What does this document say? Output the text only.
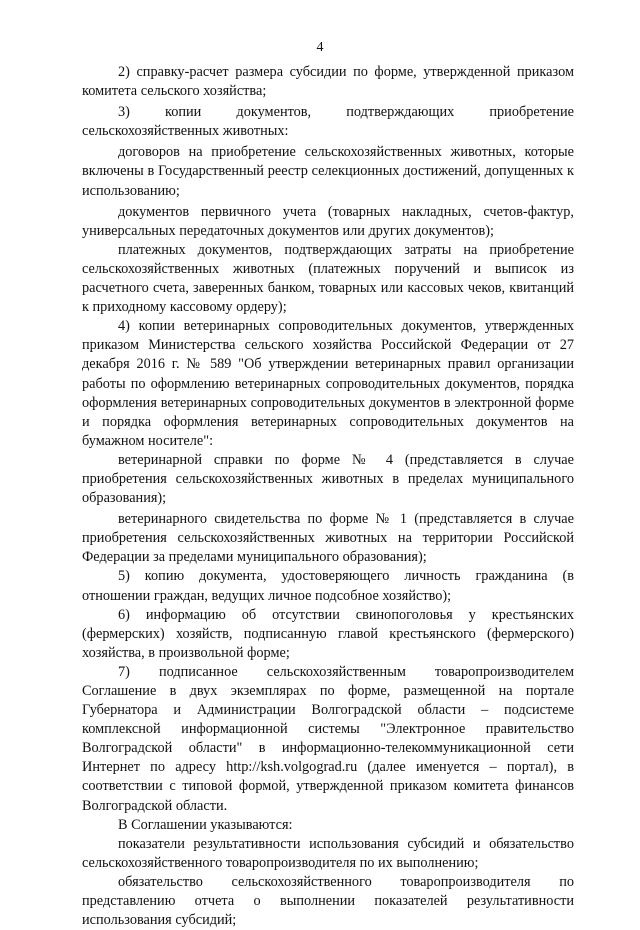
4

2) справку-расчет размера субсидии по форме, утвержденной приказом комитета сельского хозяйства;

3) копии документов, подтверждающих приобретение сельскохозяйственных животных:

договоров на приобретение сельскохозяйственных животных, которые включены в Государственный реестр селекционных достижений, допущенных к использованию;

документов первичного учета (товарных накладных, счетов-фактур, универсальных передаточных документов или других документов);

платежных документов, подтверждающих затраты на приобретение сельскохозяйственных животных (платежных поручений и выписок из расчетного счета, заверенных банком, товарных или кассовых чеков, квитанций к приходному кассовому ордеру);

4) копии ветеринарных сопроводительных документов, утвержденных приказом Министерства сельского хозяйства Российской Федерации от 27 декабря 2016 г. № 589 "Об утверждении ветеринарных правил организации работы по оформлению ветеринарных сопроводительных документов, порядка оформления ветеринарных сопроводительных документов в электронной форме и порядка оформления ветеринарных сопроводительных документов на бумажном носителе":

ветеринарной справки по форме № 4 (представляется в случае приобретения сельскохозяйственных животных в пределах муниципального образования);

ветеринарного свидетельства по форме № 1 (представляется в случае приобретения сельскохозяйственных животных на территории Российской Федерации за пределами муниципального образования);

5) копию документа, удостоверяющего личность гражданина (в отношении граждан, ведущих личное подсобное хозяйство);

6) информацию об отсутствии свинопоголовья у крестьянских (фермерских) хозяйств, подписанную главой крестьянского (фермерского) хозяйства, в произвольной форме;

7) подписанное сельскохозяйственным товаропроизводителем Соглашение в двух экземплярах по форме, размещенной на портале Губернатора и Администрации Волгоградской области – подсистеме комплексной информационной системы "Электронное правительство Волгоградской области" в информационно-телекоммуникационной сети Интернет по адресу http://ksh.volgograd.ru (далее именуется – портал), в соответствии с типовой формой, утвержденной приказом комитета финансов Волгоградской области.

В Соглашении указываются:

показатели результативности использования субсидий и обязательство сельскохозяйственного товаропроизводителя по их выполнению;

обязательство сельскохозяйственного товаропроизводителя по представлению отчета о выполнении показателей результативности использования субсидий;
